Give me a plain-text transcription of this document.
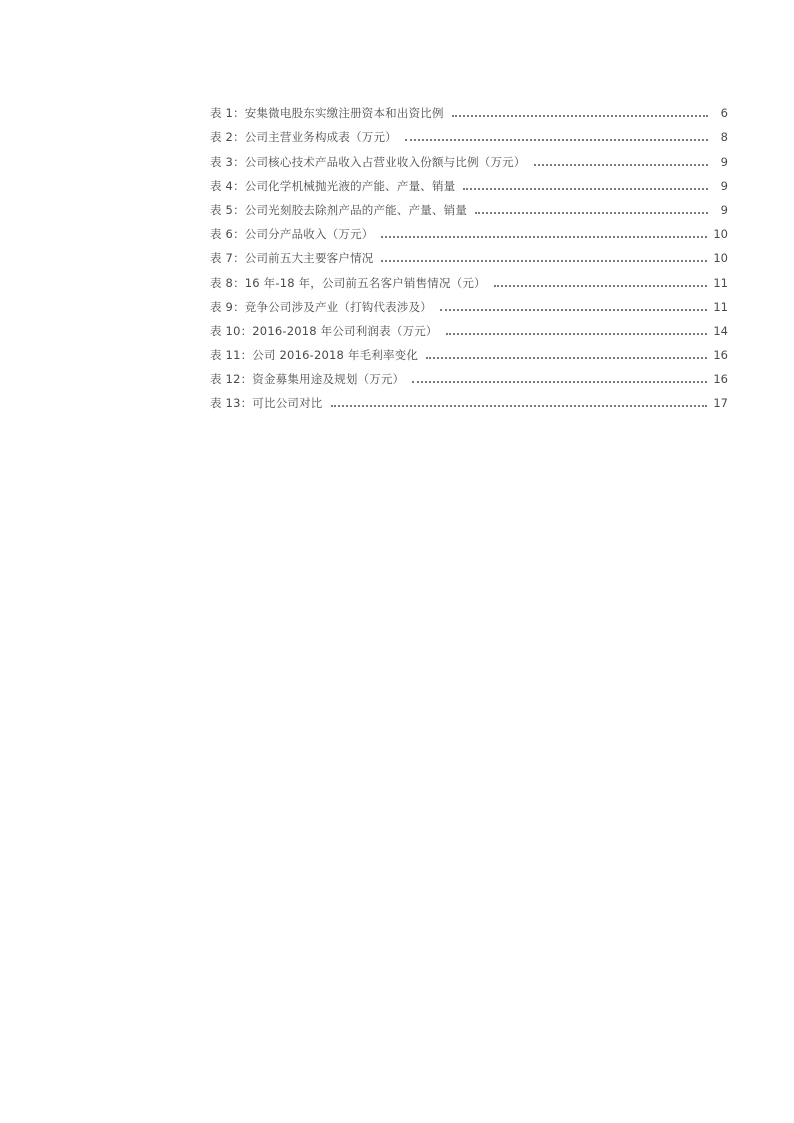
表 1：安集微电股东实缴注册资本和出资比例	6
表 2：公司主营业务构成表（万元）	8
表 3：公司核心技术产品收入占营业收入份额与比例（万元）	9
表 4：公司化学机械抛光液的产能、产量、销量	9
表 5：公司光刻胶去除剂产品的产能、产量、销量	9
表 6：公司分产品收入（万元）	10
表 7：公司前五大主要客户情况	10
表 8：16 年-18 年，公司前五名客户销售情况（元）	11
表 9：竞争公司涉及产业（打钩代表涉及）	11
表 10：2016-2018 年公司利润表（万元）	14
表 11：公司 2016-2018 年毛利率变化	16
表 12：资金募集用途及规划（万元）	16
表 13：可比公司对比	17
